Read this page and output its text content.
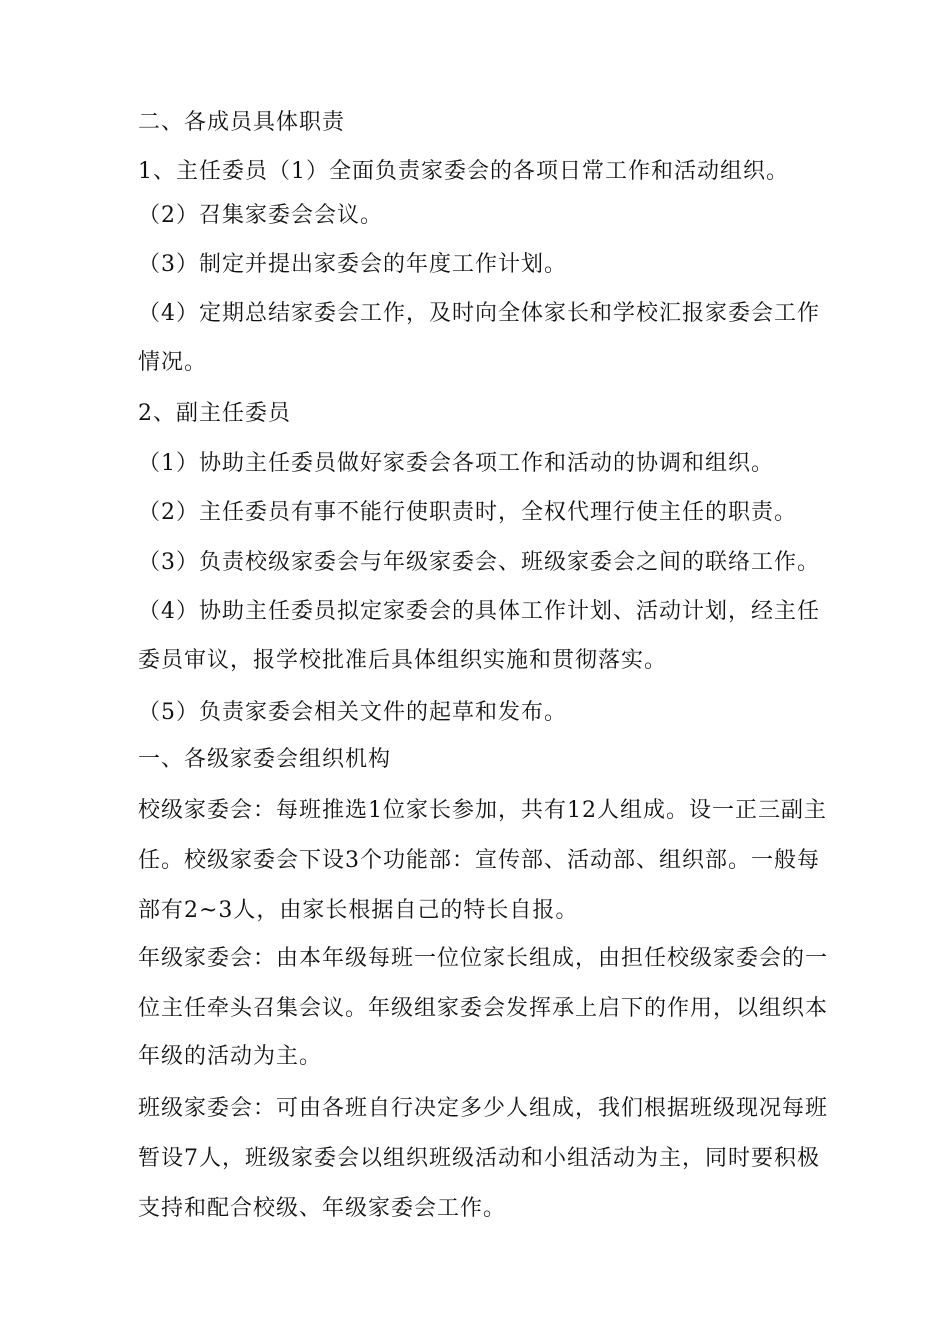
二、各成员具体职责
1、主任委员（1）全面负责家委会的各项日常工作和活动组织。
（2）召集家委会会议。
（3）制定并提出家委会的年度工作计划。
（4）定期总结家委会工作，及时向全体家长和学校汇报家委会工作
情况。
2、副主任委员
（1）协助主任委员做好家委会各项工作和活动的协调和组织。
（2）主任委员有事不能行使职责时，全权代理行使主任的职责。
（3）负责校级家委会与年级家委会、班级家委会之间的联络工作。
（4）协助主任委员拟定家委会的具体工作计划、活动计划，经主任
委员审议，报学校批准后具体组织实施和贯彻落实。
（5）负责家委会相关文件的起草和发布。
一、各级家委会组织机构
校级家委会：每班推选1位家长参加，共有12人组成。设一正三副主
任。校级家委会下设3个功能部：宣传部、活动部、组织部。一般每
部有2~3人，由家长根据自己的特长自报。
年级家委会：由本年级每班一位位家长组成，由担任校级家委会的一
位主任牵头召集会议。年级组家委会发挥承上启下的作用，以组织本
年级的活动为主。
班级家委会：可由各班自行决定多少人组成，我们根据班级现况每班
暂设7人，班级家委会以组织班级活动和小组活动为主，同时要积极
支持和配合校级、年级家委会工作。
